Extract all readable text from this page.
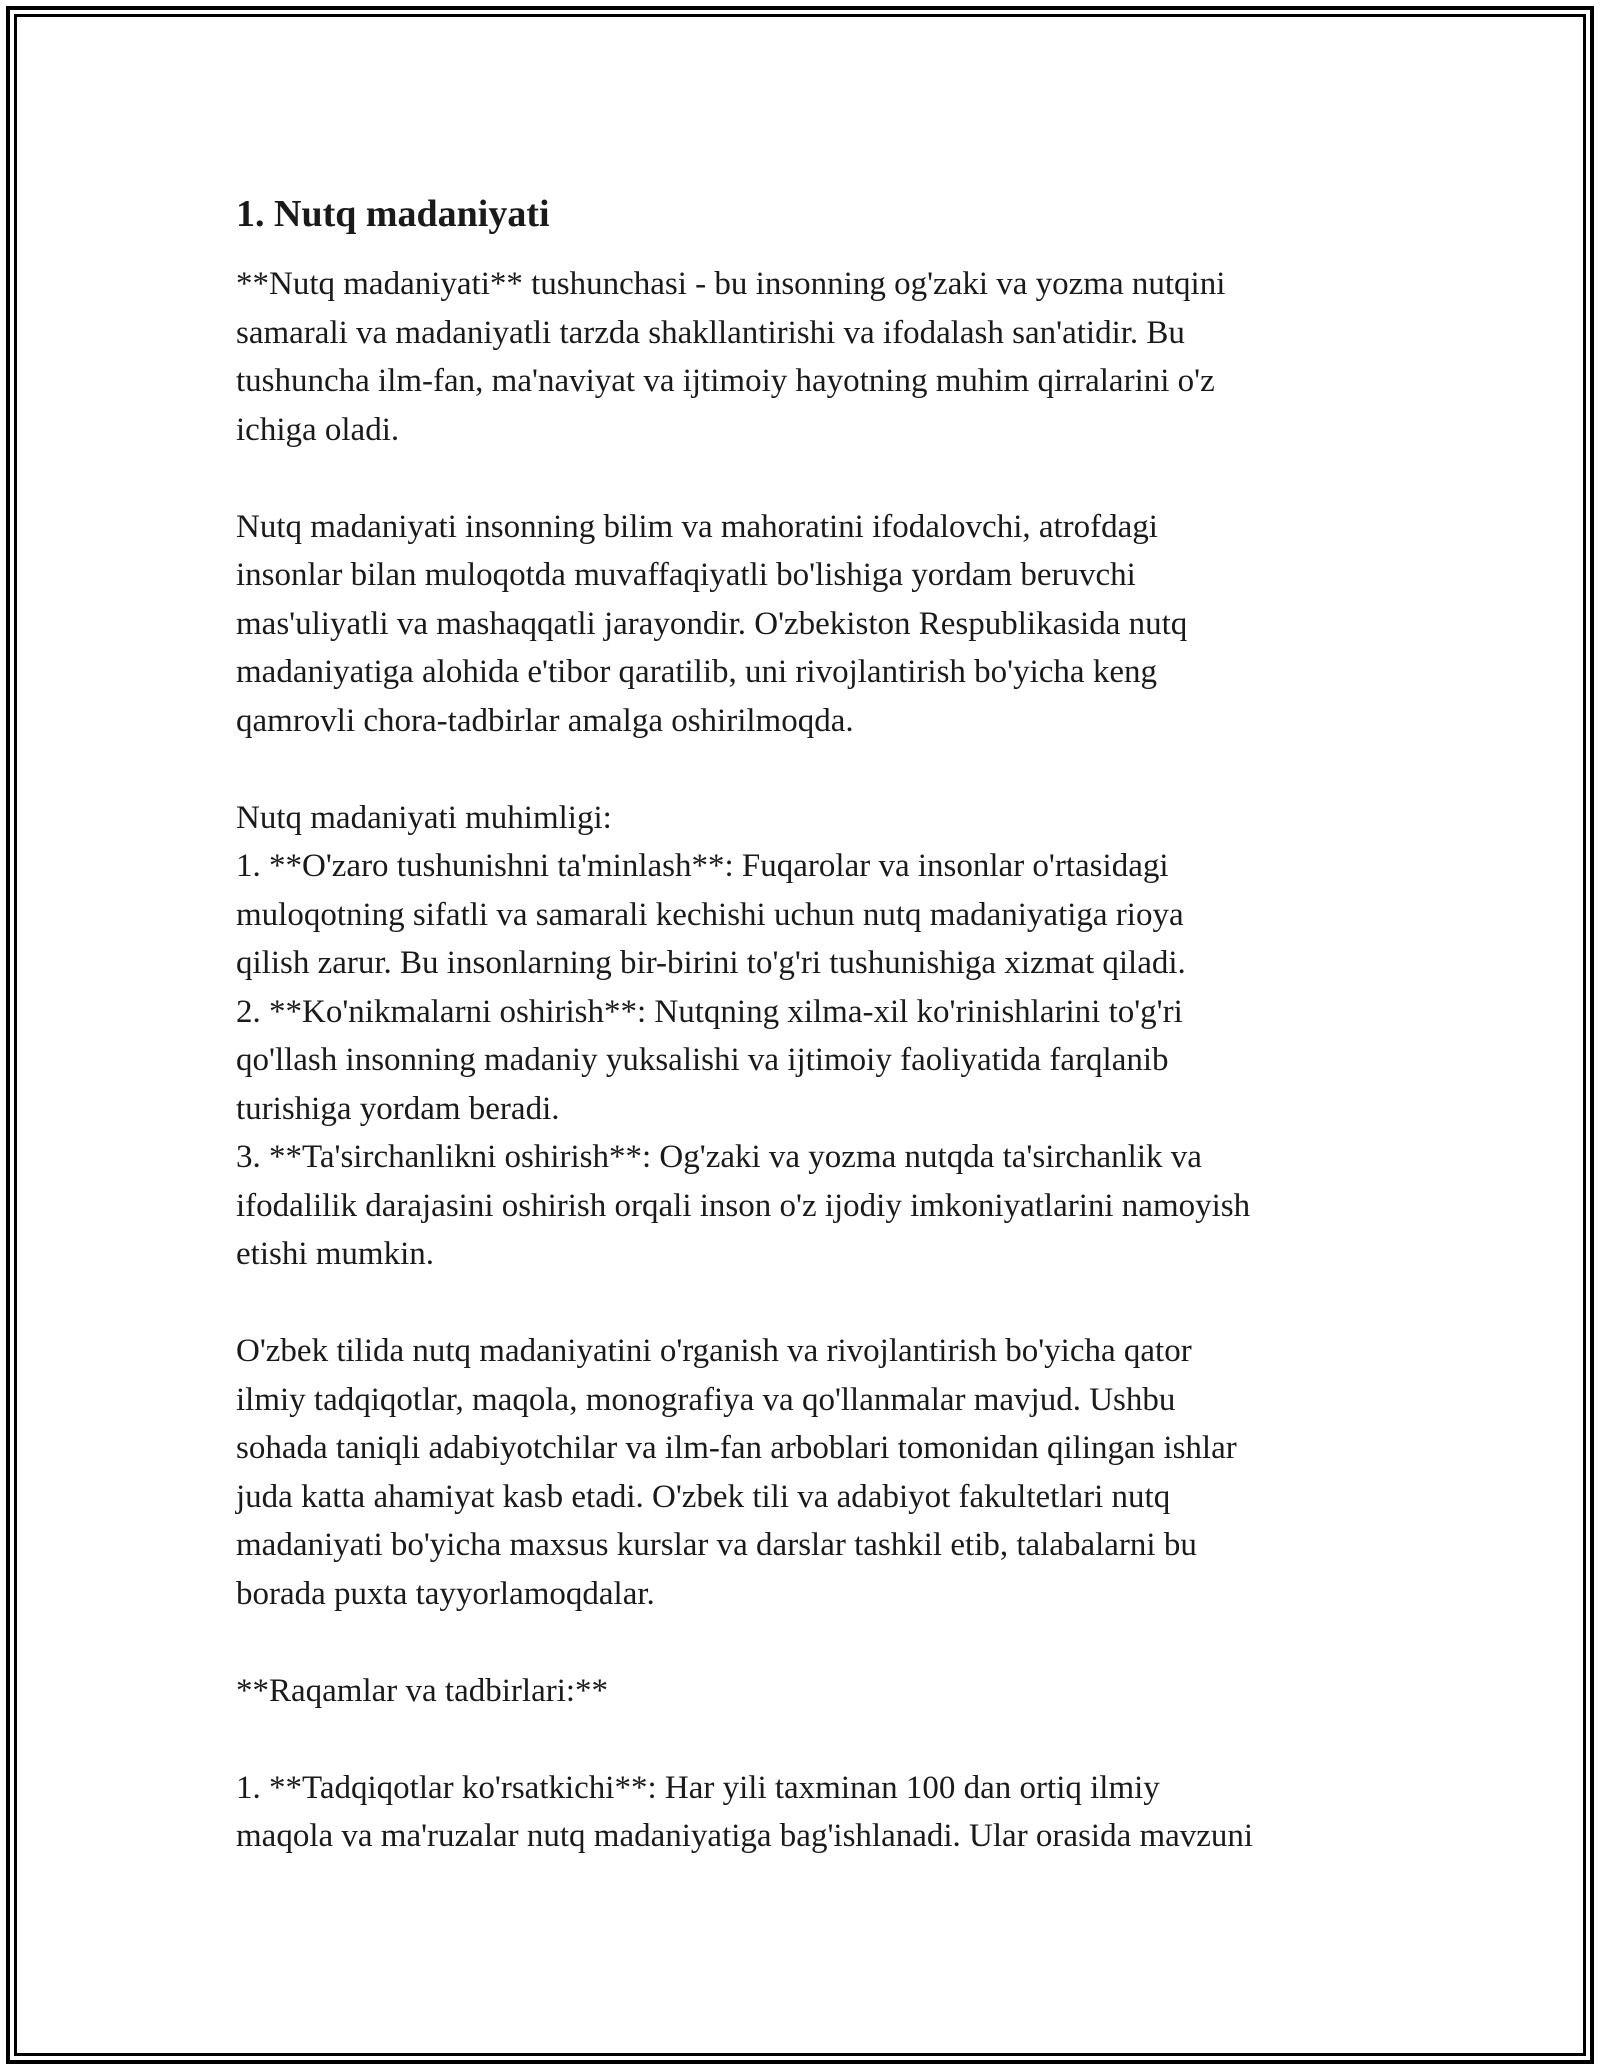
1. Nutq madaniyati

**Nutq madaniyati** tushunchasi - bu insonning og'zaki va yozma nutqini
samarali va madaniyatli tarzda shakllantirishi va ifodalash san'atidir. Bu
tushuncha ilm-fan, ma'naviyat va ijtimoiy hayotning muhim qirralarini o'z
ichiga oladi.

Nutq madaniyati insonning bilim va mahoratini ifodalovchi, atrofdagi
insonlar bilan muloqotda muvaffaqiyatli bo'lishiga yordam beruvchi
mas'uliyatli va mashaqqatli jarayondir. O'zbekiston Respublikasida nutq
madaniyatiga alohida e'tibor qaratilib, uni rivojlantirish bo'yicha keng
qamrovli chora-tadbirlar amalga oshirilmoqda.

Nutq madaniyati muhimligi:
1. **O'zaro tushunishni ta'minlash**: Fuqarolar va insonlar o'rtasidagi
muloqotning sifatli va samarali kechishi uchun nutq madaniyatiga rioya
qilish zarur. Bu insonlarning bir-birini to'g'ri tushunishiga xizmat qiladi.
2. **Ko'nikmalarni oshirish**: Nutqning xilma-xil ko'rinishlarini to'g'ri
qo'llash insonning madaniy yuksalishi va ijtimoiy faoliyatida farqlanib
turishiga yordam beradi.
3. **Ta'sirchanlikni oshirish**: Og'zaki va yozma nutqda ta'sirchanlik va
ifodalilik darajasini oshirish orqali inson o'z ijodiy imkoniyatlarini namoyish
etishi mumkin.

O'zbek tilida nutq madaniyatini o'rganish va rivojlantirish bo'yicha qator
ilmiy tadqiqotlar, maqola, monografiya va qo'llanmalar mavjud. Ushbu
sohada taniqli adabiyotchilar va ilm-fan arboblari tomonidan qilingan ishlar
juda katta ahamiyat kasb etadi. O'zbek tili va adabiyot fakultetlari nutq
madaniyati bo'yicha maxsus kurslar va darslar tashkil etib, talabalarni bu
borada puxta tayyorlamoqdalar.

**Raqamlar va tadbirlari:**

1. **Tadqiqotlar ko'rsatkichi**: Har yili taxminan 100 dan ortiq ilmiy
maqola va ma'ruzalar nutq madaniyatiga bag'ishlanadi. Ular orasida mavzuni
